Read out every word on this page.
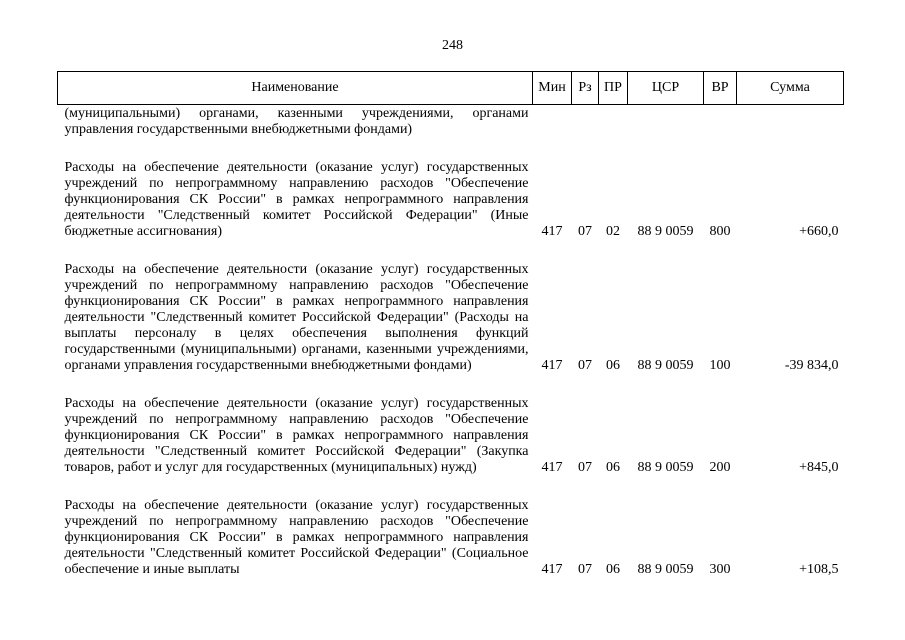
248
Наименование	Мин	Рз	ПР	ЦСР	ВР	Сумма
(муниципальными) органами, казенными учреждениями, органами управления государственными внебюджетными фондами)						
Расходы на обеспечение деятельности (оказание услуг) государственных учреждений по непрограммному направлению расходов "Обеспечение функционирования СК России" в рамках непрограммного направления деятельности "Следственный комитет Российской Федерации" (Иные бюджетные ассигнования)	417	07	02	88 9 0059	800	+660,0
Расходы на обеспечение деятельности (оказание услуг) государственных учреждений по непрограммному направлению расходов "Обеспечение функционирования СК России" в рамках непрограммного направления деятельности "Следственный комитет Российской Федерации" (Расходы на выплаты персоналу в целях обеспечения выполнения функций государственными (муниципальными) органами, казенными учреждениями, органами управления государственными внебюджетными фондами)	417	07	06	88 9 0059	100	-39 834,0
Расходы на обеспечение деятельности (оказание услуг) государственных учреждений по непрограммному направлению расходов "Обеспечение функционирования СК России" в рамках непрограммного направления деятельности "Следственный комитет Российской Федерации" (Закупка товаров, работ и услуг для государственных (муниципальных) нужд)	417	07	06	88 9 0059	200	+845,0
Расходы на обеспечение деятельности (оказание услуг) государственных учреждений по непрограммному направлению расходов "Обеспечение функционирования СК России" в рамках непрограммного направления деятельности "Следственный комитет Российской Федерации" (Социальное обеспечение и иные выплаты	417	07	06	88 9 0059	300	+108,5
